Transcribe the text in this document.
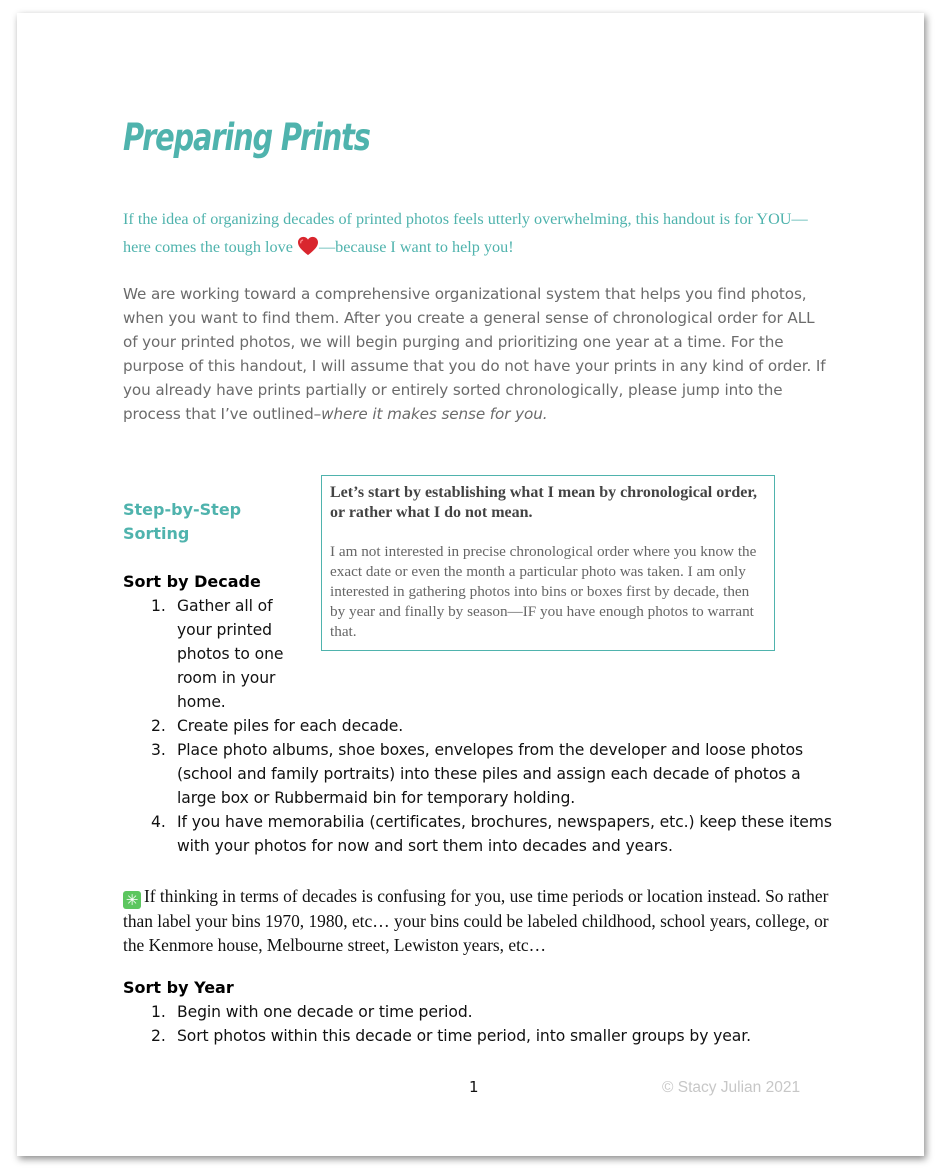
Preparing Prints

If the idea of organizing decades of printed photos feels utterly overwhelming, this handout is for YOU—here comes the tough love —because I want to help you!

We are working toward a comprehensive organizational system that helps you find photos, when you want to find them. After you create a general sense of chronological order for ALL of your printed photos, we will begin purging and prioritizing one year at a time. For the purpose of this handout, I will assume that you do not have your prints in any kind of order. If you already have prints partially or entirely sorted chronologically, please jump into the process that I’ve outlined–where it makes sense for you.

Let’s start by establishing what I mean by chronological order, or rather what I do not mean.

I am not interested in precise chronological order where you know the exact date or even the month a particular photo was taken. I am only interested in gathering photos into bins or boxes first by decade, then by year and finally by season—IF you have enough photos to warrant that.

Step-by-Step Sorting
Sort by Decade
1. Gather all of your printed photos to one room in your home.
2. Create piles for each decade.
3. Place photo albums, shoe boxes, envelopes from the developer and loose photos (school and family portraits) into these piles and assign each decade of photos a large box or Rubbermaid bin for temporary holding.
4. If you have memorabilia (certificates, brochures, newspapers, etc.) keep these items with your photos for now and sort them into decades and years.

✳ If thinking in terms of decades is confusing for you, use time periods or location instead. So rather than label your bins 1970, 1980, etc… your bins could be labeled childhood, school years, college, or the Kenmore house, Melbourne street, Lewiston years, etc…

Sort by Year
1. Begin with one decade or time period.
2. Sort photos within this decade or time period, into smaller groups by year.
1	© Stacy Julian 2021
